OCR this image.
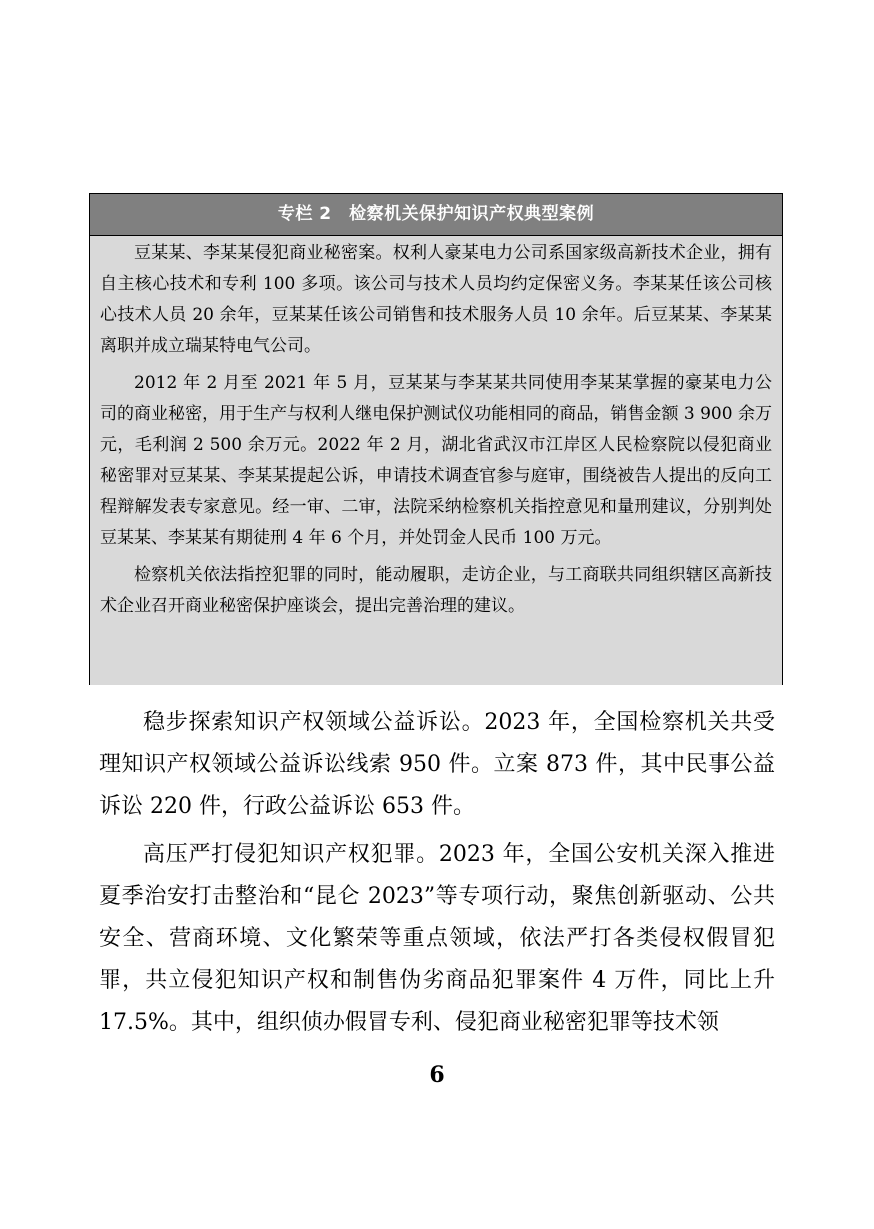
专栏 2　检察机关保护知识产权典型案例

豆某某、李某某侵犯商业秘密案。权利人豪某电力公司系国家级高新技术企业，拥有自主核心技术和专利 100 多项。该公司与技术人员均约定保密义务。李某某任该公司核心技术人员 20 余年，豆某某任该公司销售和技术服务人员 10 余年。后豆某某、李某某离职并成立瑞某特电气公司。

2012 年 2 月至 2021 年 5 月，豆某某与李某某共同使用李某某掌握的豪某电力公司的商业秘密，用于生产与权利人继电保护测试仪功能相同的商品，销售金额 3 900 余万元，毛利润 2 500 余万元。2022 年 2 月，湖北省武汉市江岸区人民检察院以侵犯商业秘密罪对豆某某、李某某提起公诉，申请技术调查官参与庭审，围绕被告人提出的反向工程辩解发表专家意见。经一审、二审，法院采纳检察机关指控意见和量刑建议，分别判处豆某某、李某某有期徒刑 4 年 6 个月，并处罚金人民币 100 万元。

检察机关依法指控犯罪的同时，能动履职，走访企业，与工商联共同组织辖区高新技术企业召开商业秘密保护座谈会，提出完善治理的建议。

稳步探索知识产权领域公益诉讼。2023 年，全国检察机关共受理知识产权领域公益诉讼线索 950 件。立案 873 件，其中民事公益诉讼 220 件，行政公益诉讼 653 件。

高压严打侵犯知识产权犯罪。2023 年，全国公安机关深入推进夏季治安打击整治和“昆仑 2023”等专项行动，聚焦创新驱动、公共安全、营商环境、文化繁荣等重点领域，依法严打各类侵权假冒犯罪，共立侵犯知识产权和制售伪劣商品犯罪案件 4 万件，同比上升 17.5%。其中，组织侦办假冒专利、侵犯商业秘密犯罪等技术领

6
